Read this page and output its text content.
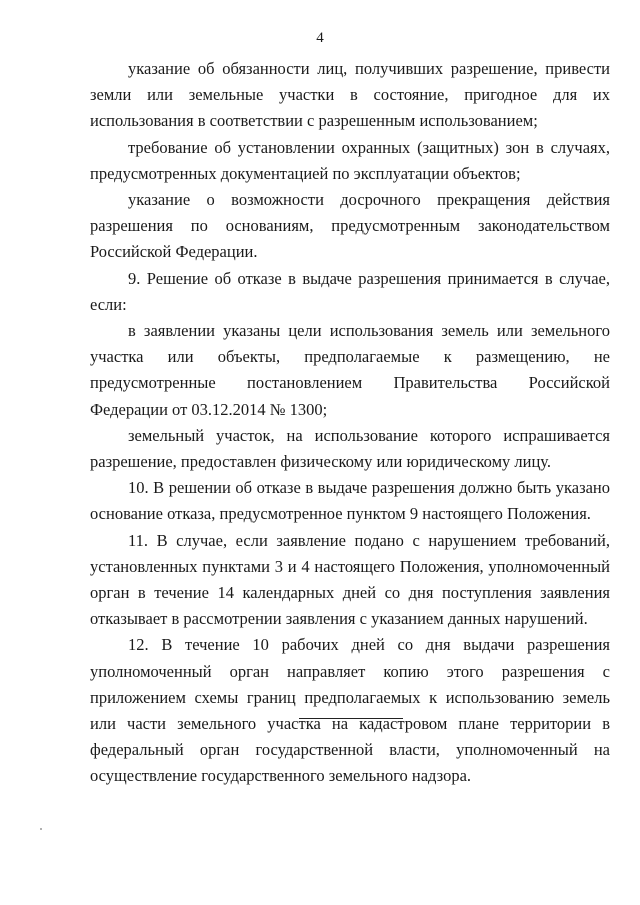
4

указание об обязанности лиц, получивших разрешение, привести земли или земельные участки в состояние, пригодное для их использования в соответствии с разрешенным использованием;

требование об установлении охранных (защитных) зон в случаях, предусмотренных документацией по эксплуатации объектов;

указание о возможности досрочного прекращения действия разрешения по основаниям, предусмотренным законодательством Российской Федерации.

9. Решение об отказе в выдаче разрешения принимается в случае, если:

в заявлении указаны цели использования земель или земельного участка или объекты, предполагаемые к размещению, не предусмотренные постановлением Правительства Российской Федерации от 03.12.2014 № 1300;

земельный участок, на использование которого испрашивается разрешение, предоставлен физическому или юридическому лицу.

10. В решении об отказе в выдаче разрешения должно быть указано основание отказа, предусмотренное пунктом 9 настоящего Положения.

11. В случае, если заявление подано с нарушением требований, установленных пунктами 3 и 4 настоящего Положения, уполномоченный орган в течение 14 календарных дней со дня поступления заявления отказывает в рассмотрении заявления с указанием данных нарушений.

12. В течение 10 рабочих дней со дня выдачи разрешения уполномоченный орган направляет копию этого разрешения с приложением схемы границ предполагаемых к использованию земель или части земельного участка на кадастровом плане территории в федеральный орган государственной власти, уполномоченный на осуществление государственного земельного надзора.
